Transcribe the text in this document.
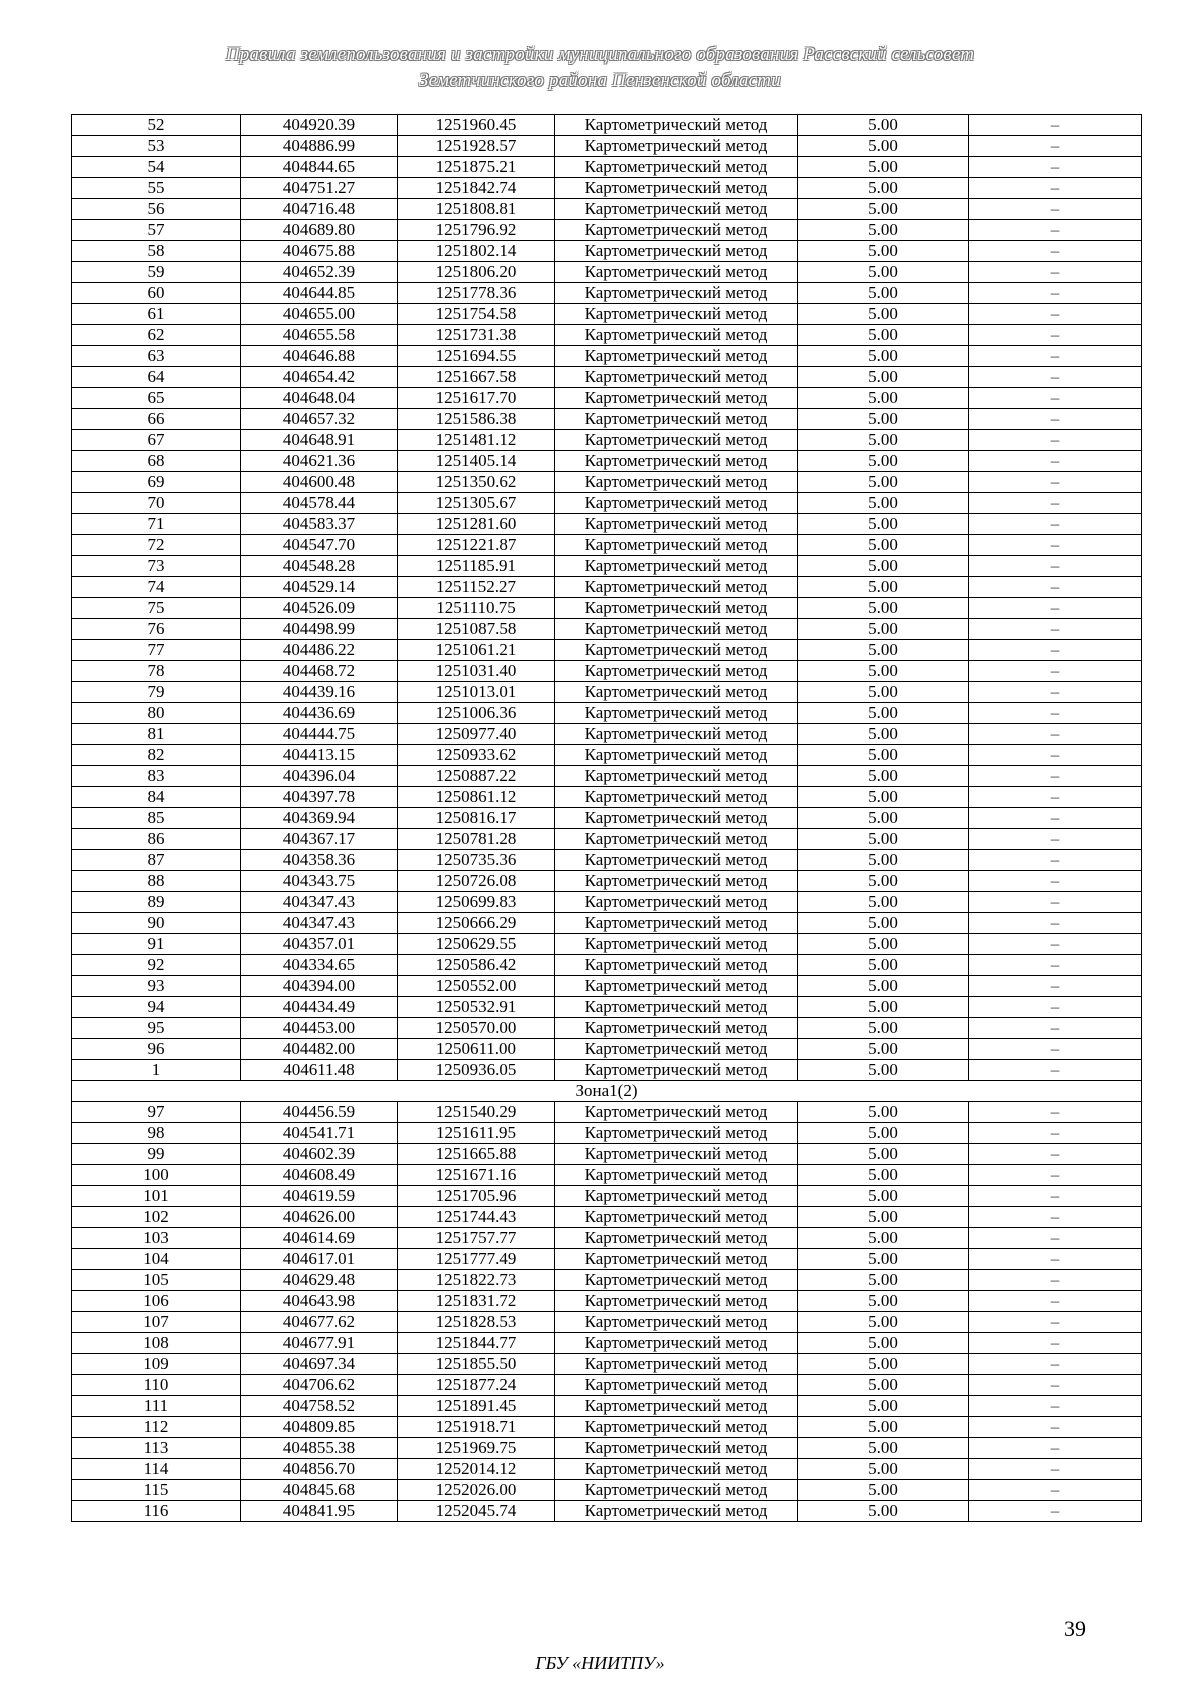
Правила землепользования и застройки муниципального образования Рассвский сельсовет
Земетчинского района Пензенской области
52	404920.39	1251960.45	Картометрический метод	5.00	–
53	404886.99	1251928.57	Картометрический метод	5.00	–
54	404844.65	1251875.21	Картометрический метод	5.00	–
55	404751.27	1251842.74	Картометрический метод	5.00	–
56	404716.48	1251808.81	Картометрический метод	5.00	–
57	404689.80	1251796.92	Картометрический метод	5.00	–
58	404675.88	1251802.14	Картометрический метод	5.00	–
59	404652.39	1251806.20	Картометрический метод	5.00	–
60	404644.85	1251778.36	Картометрический метод	5.00	–
61	404655.00	1251754.58	Картометрический метод	5.00	–
62	404655.58	1251731.38	Картометрический метод	5.00	–
63	404646.88	1251694.55	Картометрический метод	5.00	–
64	404654.42	1251667.58	Картометрический метод	5.00	–
65	404648.04	1251617.70	Картометрический метод	5.00	–
66	404657.32	1251586.38	Картометрический метод	5.00	–
67	404648.91	1251481.12	Картометрический метод	5.00	–
68	404621.36	1251405.14	Картометрический метод	5.00	–
69	404600.48	1251350.62	Картометрический метод	5.00	–
70	404578.44	1251305.67	Картометрический метод	5.00	–
71	404583.37	1251281.60	Картометрический метод	5.00	–
72	404547.70	1251221.87	Картометрический метод	5.00	–
73	404548.28	1251185.91	Картометрический метод	5.00	–
74	404529.14	1251152.27	Картометрический метод	5.00	–
75	404526.09	1251110.75	Картометрический метод	5.00	–
76	404498.99	1251087.58	Картометрический метод	5.00	–
77	404486.22	1251061.21	Картометрический метод	5.00	–
78	404468.72	1251031.40	Картометрический метод	5.00	–
79	404439.16	1251013.01	Картометрический метод	5.00	–
80	404436.69	1251006.36	Картометрический метод	5.00	–
81	404444.75	1250977.40	Картометрический метод	5.00	–
82	404413.15	1250933.62	Картометрический метод	5.00	–
83	404396.04	1250887.22	Картометрический метод	5.00	–
84	404397.78	1250861.12	Картометрический метод	5.00	–
85	404369.94	1250816.17	Картометрический метод	5.00	–
86	404367.17	1250781.28	Картометрический метод	5.00	–
87	404358.36	1250735.36	Картометрический метод	5.00	–
88	404343.75	1250726.08	Картометрический метод	5.00	–
89	404347.43	1250699.83	Картометрический метод	5.00	–
90	404347.43	1250666.29	Картометрический метод	5.00	–
91	404357.01	1250629.55	Картометрический метод	5.00	–
92	404334.65	1250586.42	Картометрический метод	5.00	–
93	404394.00	1250552.00	Картометрический метод	5.00	–
94	404434.49	1250532.91	Картометрический метод	5.00	–
95	404453.00	1250570.00	Картометрический метод	5.00	–
96	404482.00	1250611.00	Картометрический метод	5.00	–
1	404611.48	1250936.05	Картометрический метод	5.00	–
Зона1(2)					
97	404456.59	1251540.29	Картометрический метод	5.00	–
98	404541.71	1251611.95	Картометрический метод	5.00	–
99	404602.39	1251665.88	Картометрический метод	5.00	–
100	404608.49	1251671.16	Картометрический метод	5.00	–
101	404619.59	1251705.96	Картометрический метод	5.00	–
102	404626.00	1251744.43	Картометрический метод	5.00	–
103	404614.69	1251757.77	Картометрический метод	5.00	–
104	404617.01	1251777.49	Картометрический метод	5.00	–
105	404629.48	1251822.73	Картометрический метод	5.00	–
106	404643.98	1251831.72	Картометрический метод	5.00	–
107	404677.62	1251828.53	Картометрический метод	5.00	–
108	404677.91	1251844.77	Картометрический метод	5.00	–
109	404697.34	1251855.50	Картометрический метод	5.00	–
110	404706.62	1251877.24	Картометрический метод	5.00	–
111	404758.52	1251891.45	Картометрический метод	5.00	–
112	404809.85	1251918.71	Картометрический метод	5.00	–
113	404855.38	1251969.75	Картометрический метод	5.00	–
114	404856.70	1252014.12	Картометрический метод	5.00	–
115	404845.68	1252026.00	Картометрический метод	5.00	–
116	404841.95	1252045.74	Картометрический метод	5.00	–
39
ГБУ «НИИТПУ»
